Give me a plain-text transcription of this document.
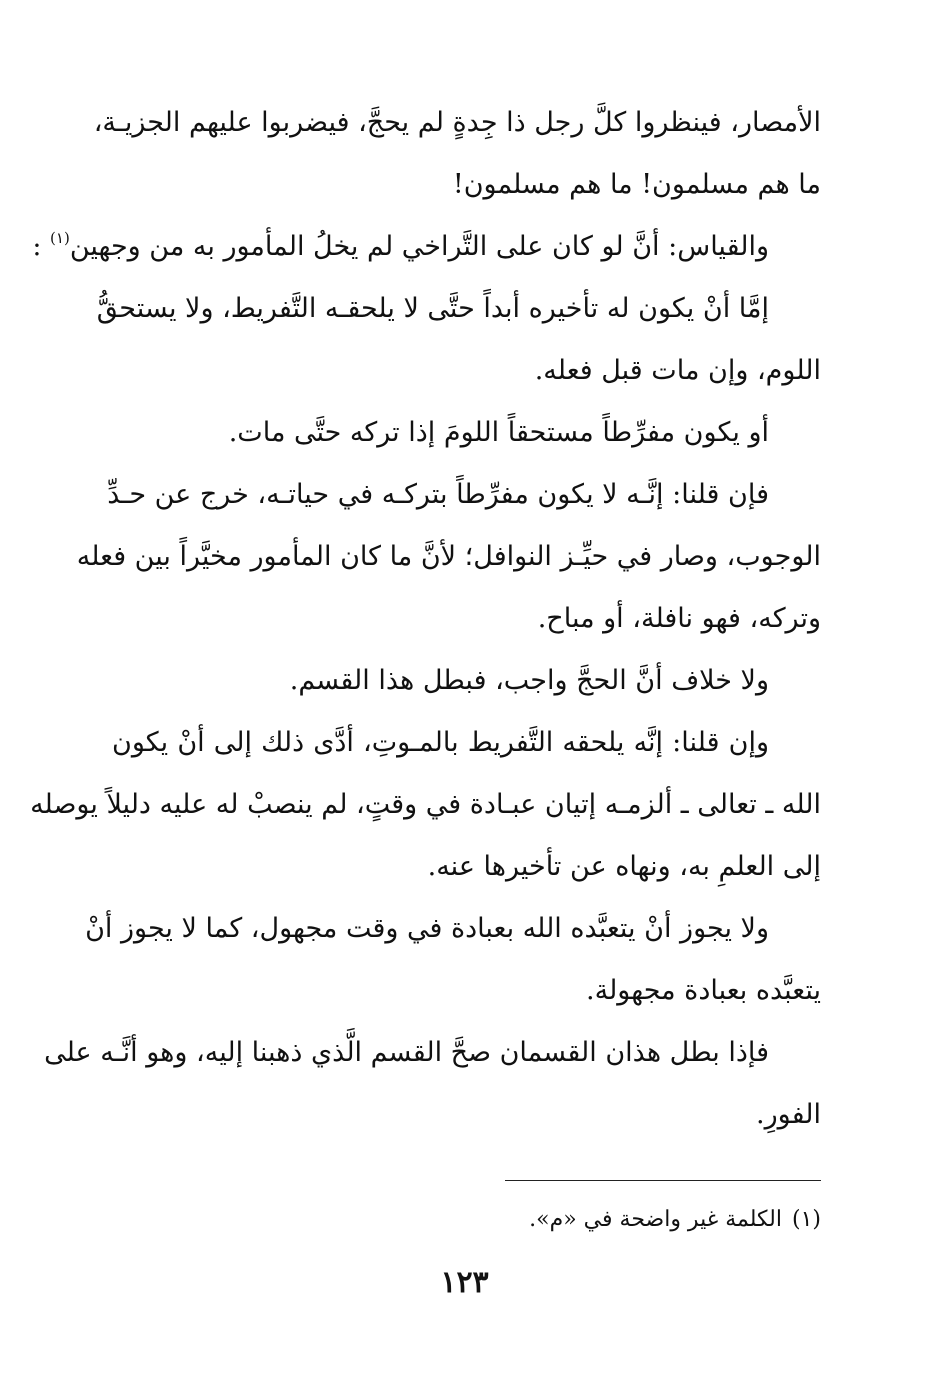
الأمصار، فينظروا كلَّ رجل ذا جِدةٍ لم يحجَّ، فيضربوا عليهم الجزيـة،
ما هم مسلمون! ما هم مسلمون!
والقياس: أنَّ لو كان على التَّراخي لم يخلُ المأمور به من وجهين$^{(١)}$ :
إمَّا أنْ يكون له تأخيره أبداً حتَّى لا يلحقـه التَّفريط، ولا يستحقُّ
اللوم، وإن مات قبل فعله.
أو يكون مفرِّطاً مستحقاً اللومَ إذا تركه حتَّى مات.
فإن قلنا: إنَّـه لا يكون مفرِّطاً بتركـه في حياتـه، خرج عن حـدِّ
الوجوب، وصار في حيِّـز النوافل؛ لأنَّ ما كان المأمور مخيَّراً بين فعله
وتركه، فهو نافلة، أو مباح.
ولا خلاف أنَّ الحجَّ واجب، فبطل هذا القسم.
وإن قلنا: إنَّه يلحقه التَّفريط بالمـوتِ، أدَّى ذلك إلى أنْ يكون
الله ـ تعالى ـ ألزمـه إتيان عبـادة في وقتٍ، لم ينصبْ له عليه دليلاً يوصله
إلى العلمِ به، ونهاه عن تأخيرها عنه.
ولا يجوز أنْ يتعبَّده الله بعبادة في وقت مجهول، كما لا يجوز أنْ
يتعبَّده بعبادة مجهولة.
فإذا بطل هذان القسمان صحَّ القسم الَّذي ذهبنا إليه، وهو أنَّـه على
الفورِ.
(١)الكلمة غير واضحة في «م».
١٢٣
